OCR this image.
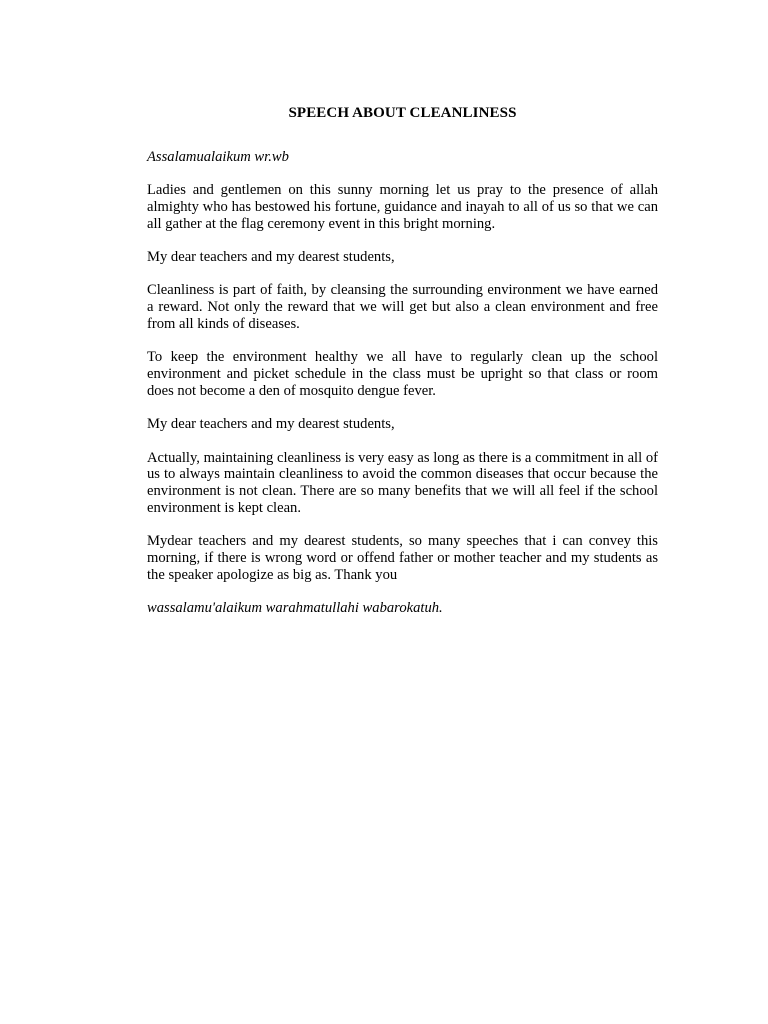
SPEECH ABOUT CLEANLINESS

Assalamualaikum wr.wb

Ladies and gentlemen on this sunny morning let us pray to the presence of allah almighty who has bestowed his fortune, guidance and inayah to all of us so that we can all gather at the flag ceremony event in this bright morning.

My dear teachers and my dearest students,

Cleanliness is part of faith, by cleansing the surrounding environment we have earned a reward. Not only the reward that we will get but also a clean environment and free from all kinds of diseases.

To keep the environment healthy we all have to regularly clean up the school environment and picket schedule in the class must be upright so that class or room does not become a den of mosquito dengue fever.

My dear teachers and my dearest students,

Actually, maintaining cleanliness is very easy as long as there is a commitment in all of us to always maintain cleanliness to avoid the common diseases that occur because the environment is not clean. There are so many benefits that we will all feel if the school environment is kept clean.

Mydear teachers and my dearest students, so many speeches that i can convey this morning, if there is wrong word or offend father or mother teacher and my students as the speaker apologize as big as. Thank you

wassalamu'alaikum warahmatullahi wabarokatuh.
